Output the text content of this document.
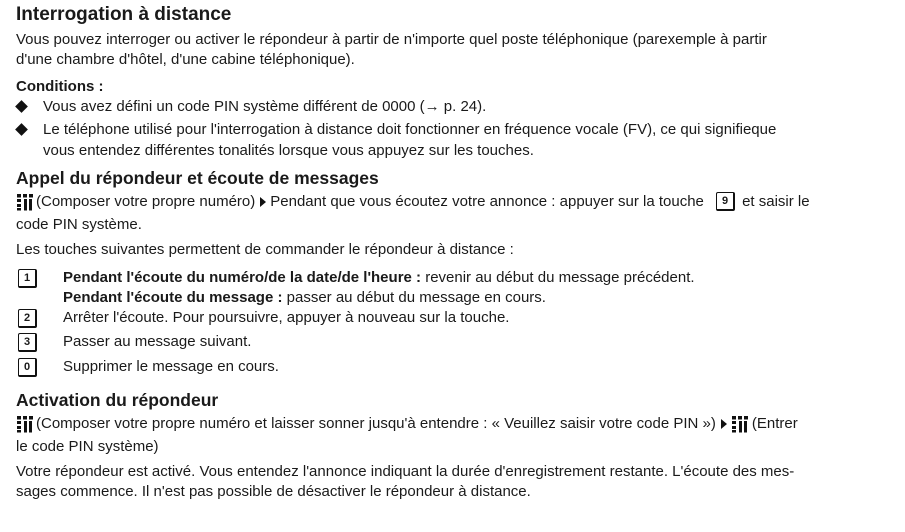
Interrogation à distance
Vous pouvez interroger ou activer le répondeur à partir de n'importe quel poste téléphonique (parexemple à partir
d'une chambre d'hôtel, d'une cabine téléphonique).
Conditions :
Vous avez défini un code PIN système différent de 0000 (→ p. 24).
Le téléphone utilisé pour l'interrogation à distance doit fonctionner en fréquence vocale (FV), ce qui signifieque
vous entendez différentes tonalités lorsque vous appuyez sur les touches.
Appel du répondeur et écoute de messages
(Composer votre propre numéro) Pendant que vous écoutez votre annonce : appuyer sur la touche	9 et saisir le
code PIN système.
Les touches suivantes permettent de commander le répondeur à distance :
1	Pendant l'écoute du numéro/de la date/de l'heure : revenir au début du message précédent.
Pendant l'écoute du message : passer au début du message en cours.
2	Arrêter l'écoute. Pour poursuivre, appuyer à nouveau sur la touche.
3	Passer au message suivant.
0	Supprimer le message en cours.
Activation du répondeur
(Composer votre propre numéro et laisser sonner jusqu'à entendre : « Veuillez saisir votre code PIN ») (Entrer
le code PIN système)
Votre répondeur est activé. Vous entendez l'annonce indiquant la durée d'enregistrement restante. L'écoute des mes-
sages commence. Il n'est pas possible de désactiver le répondeur à distance.
